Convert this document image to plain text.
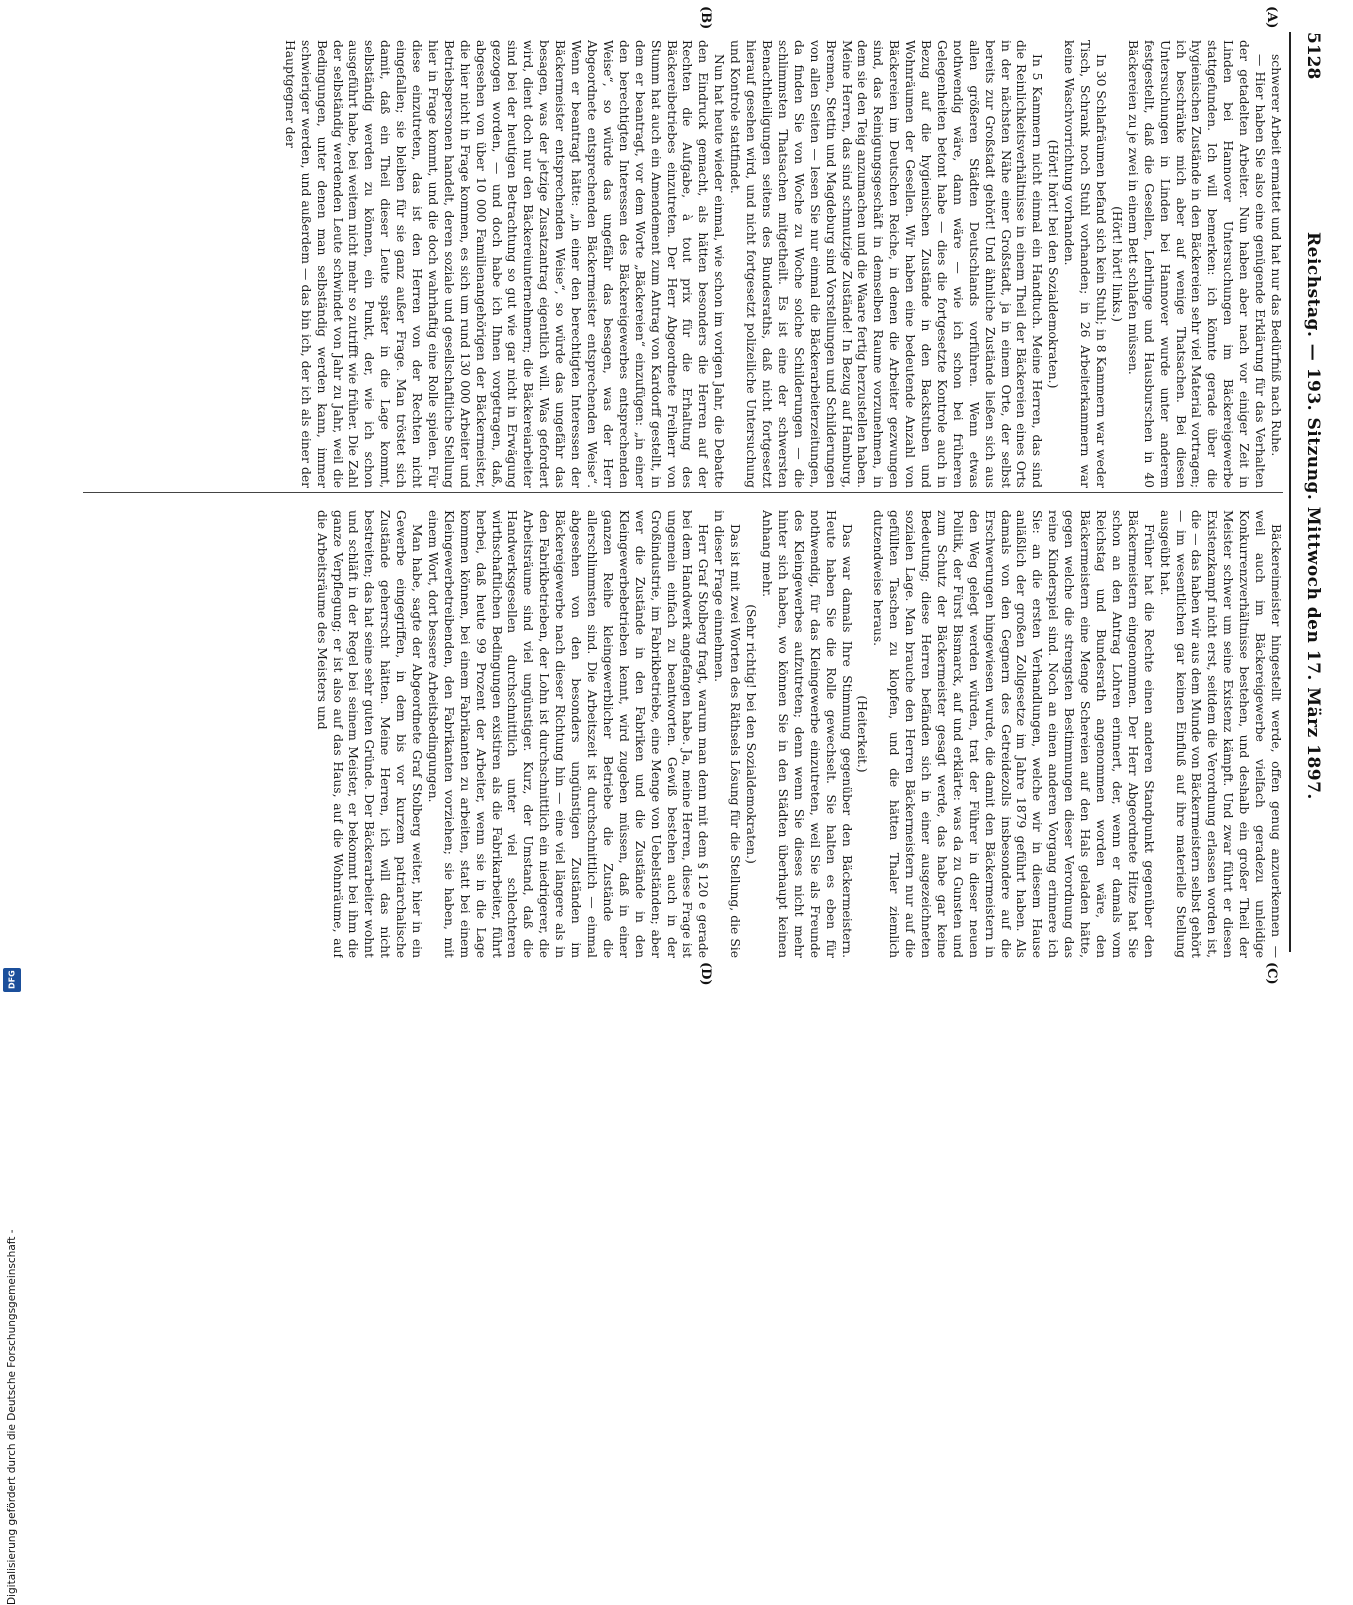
5128
Reichstag. — 193. Sitzung. Mittwoch den 17. März 1897.
(A)
(B)
(C)
(D)

schwerer Arbeit ermattet und hat nur das Bedürfniß nach Ruhe.

— Hier haben Sie also eine genügende Erklärung für das Verhalten der getadelten Arbeiter. Nun haben aber nach vor einiger Zeit in Linden bei Hannover Untersuchungen im Bäckereigewerbe stattgefunden. Ich will bemerken: ich könnte gerade über die hygienischen Zustände in den Bäckereien sehr viel Material vortragen; ich beschränke mich aber auf wenige Thatsachen. Bei diesen Untersuchungen in Linden bei Hannover wurde unter anderem festgestellt, daß die Gesellen, Lehrlinge und Hausburschen in 40 Bäckereien zu je zwei in einem Bett schlafen müssen.

(Hört! hört! links.)

In 30 Schlafräumen befand sich kein Stuhl; in 8 Kammern war weder Tisch, Schrank noch Stuhl vorhanden; in 26 Arbeiterkammern war keine Waschvorrichtung vorhanden.

(Hört! hört! bei den Sozialdemokraten.)

In 5 Kammern nicht einmal ein Handtuch. Meine Herren, das sind die Reinlichkeitsverhältnisse in einem Theil der Bäckereien eines Orts in der nächsten Nähe einer Großstadt, ja in einem Orte, der selbst bereits zur Großstadt gehört! Und ähnliche Zustände ließen sich aus allen größeren Städten Deutschlands vorführen. Wenn etwas nothwendig wäre, dann wäre — wie ich schon bei früheren Gelegenheiten betont habe — dies die fortgesetzte Kontrole auch in Bezug auf die hygienischen Zustände in den Backstuben und Wohnräumen der Gesellen. Wir haben eine bedeutende Anzahl von Bäckereien im Deutschen Reiche, in denen die Arbeiter gezwungen sind, das Reinigungsgeschäft in demselben Raume vorzunehmen, in dem sie den Teig anzumachen und die Waare fertig herzustellen haben. Meine Herren, das sind schmutzige Zustände! In Bezug auf Hamburg, Bremen, Stettin und Magdeburg sind Vorstellungen und Schilderungen von allen Seiten — lesen Sie nur einmal die Bäckerarbeiterzeitungen, da finden Sie von Woche zu Woche solche Schilderungen — die schlimmsten Thatsachen mitgetheilt. Es ist eine der schwersten Benachtheiligungen seitens des Bundesraths, daß nicht fortgesetzt hierauf gesehen wird, und nicht fortgesetzt polizeiliche Untersuchung und Kontrole stattfindet.

Nun hat heute wieder einmal, wie schon im vorigen Jahr, die Debatte den Eindruck gemacht, als hätten besonders die Herren auf der Rechten die Aufgabe, à tout prix für die Erhaltung des Bäckereibetriebes einzutreten. Der Herr Abgeordnete Freiherr von Stumm hat auch ein Amendement zum Antrag von Kardorff gestellt, in dem er beantragt, vor dem Worte „Bäckereien“ einzufügen: „in einer den berechtigten Interessen des Bäckereigewerbes entsprechenden Weise“, so würde das ungefähr das besagen, was der Herr Abgeordnete entsprechenden Bäckermeister entsprechenden Weise“. Wenn er beantragt hätte: „in einer den berechtigten Interessen der Bäckermeister entsprechenden Weise“, so würde das ungefähr das besagen, was der jetzige Zusatzantrag eigentlich will. Was gefordert wird, dient doch nur den Bäckereiunternehmern; die Bäckereiarbeiter sind bei der heutigen Betrachtung so gut wie gar nicht in Erwägung gezogen worden, — und doch habe ich Ihnen vorgetragen, daß, abgesehen von über 10 000 Familienangehörigen der Bäckermeister, die hier nicht in Frage kommen, es sich um rund 130 000 Arbeiter und Betriebspersonen handelt, deren soziale und gesellschaftliche Stellung hier in Frage kommt, und die doch wahrhaftig eine Rolle spielen. Für diese einzutreten, das ist den Herren von der Rechten nicht eingefallen; sie bleiben für sie ganz außer Frage. Man tröstet sich damit, daß ein Theil dieser Leute später in die Lage kommt, selbständig werden zu können, ein Punkt, der, wie ich schon ausgeführt habe, bei weitem nicht mehr so zutrifft wie früher. Die Zahl der selbständig werdenden Leute schwindet von Jahr zu Jahr, weil die Bedingungen, unter denen man selbständig werden kann, immer schwieriger werden, und außerdem — das bin ich, der ich als einer der Hauptgegner der

Bäckereimeister hingestellt werde, offen genug anzuerkennen — weil auch im Bäckereigewerbe vielfach geradezu unleidige Konkurrenzverhältnisse bestehen, und deshalb ein großer Theil der Meister schwer um seine Existenz kämpft. Und zwar führt er diesen Existenzkampf nicht erst, seitdem die Verordnung erlassen worden ist, die — das haben wir aus dem Munde von Bäckermeistern selbst gehört — im wesentlichen gar keinen Einfluß auf ihre materielle Stellung ausgeübt hat.

Früher hat die Rechte einen anderen Standpunkt gegenüber den Bäckermeistern eingenommen. Der Herr Abgeordnete Hitze hat Sie schon an den Antrag Lohren erinnert, der, wenn er damals vom Reichstag und Bundesrath angenommen worden wäre, den Bäckermeistern eine Menge Schereien auf den Hals geladen hätte, gegen welche die strengsten Bestimmungen dieser Verordnung das reine Kinderspiel sind. Noch an einen anderen Vorgang erinnere ich Sie: an die ersten Verhandlungen, welche wir in diesem Hause anläßlich der großen Zollgesetze im Jahre 1879 geführt haben. Als damals von den Gegnern des Getreidezolls insbesondere auf die Erschwerungen hingewiesen wurde, die damit den Bäckermeistern in den Weg gelegt werden würden, trat der Führer in dieser neuen Politik, der Fürst Bismarck, auf und erklärte: was da zu Gunsten und zum Schutz der Bäckermeister gesagt werde, das habe gar keine Bedeutung; diese Herren befänden sich in einer ausgezeichneten sozialen Lage. Man brauche den Herren Bäckermeistern nur auf die gefüllten Taschen zu klopfen, und die hätten Thaler ziemlich dutzendweise heraus.

(Heiterkeit.)

Das war damals Ihre Stimmung gegenüber den Bäckermeistern. Heute haben Sie die Rolle gewechselt. Sie halten es eben für nothwendig, für das Kleingewerbe einzutreten, weil Sie als Freunde des Kleingewerbes aufzutreten; denn wenn Sie dieses nicht mehr hinter sich haben, wo können Sie in den Städten überhaupt keinen Anhang mehr.

(Sehr richtig! bei den Sozialdemokraten.)

Das ist mit zwei Worten des Räthsels Lösung für die Stellung, die Sie in dieser Frage einnehmen.

Herr Graf Stolberg fragt, warum man denn mit dem § 120 e gerade bei dem Handwerk angefangen habe. Ja, meine Herren, diese Frage ist ungemein einfach zu beantworten. Gewiß bestehen auch in der Großindustrie, im Fabrikbetriebe, eine Menge von Uebelständen; aber wer die Zustände in den Fabriken und die Zustände in den Kleingewerbebetrieben kennt, wird zugeben müssen, daß in einer ganzen Reihe kleingewerblicher Betriebe die Zustände die allerschlimmsten sind. Die Arbeitszeit ist durchschnittlich — einmal abgesehen von den besonders ungünstigen Zuständen im Bäckereigewerbe nach dieser Richtung hin — eine viel längere als in den Fabrikbetrieben, der Lohn ist durchschnittlich ein niedrigerer, die Arbeitsräume sind viel ungünstiger. Kurz, der Umstand, daß die Handwerksgesellen durchschnittlich unter viel schlechteren wirthschaftlichen Bedingungen existiren als die Fabrikarbeiter, führt herbei, daß heute 99 Prozent der Arbeiter, wenn sie in die Lage kommen können, bei einem Fabrikanten zu arbeiten, statt bei einem Kleingewerbetreibenden, den Fabrikanten vorziehen; sie haben, mit einem Wort, dort bessere Arbeitsbedingungen.

Man habe, sagte der Abgeordnete Graf Stolberg weiter, hier in ein Gewerbe eingegriffen, in dem bis vor kurzem patriarchalische Zustände geherrscht hätten. Meine Herren, ich will das nicht bestreiten; das hat seine sehr guten Gründe. Der Bäckerarbeiter wohnt und schläft in der Regel bei seinem Meister, er bekommt bei ihm die ganze Verpflegung; er ist also auf das Haus, auf die Wohnräume, auf die Arbeitsräume des Meisters und

Digitalisierung gefördert durch die Deutsche Forschungsgemeinschaft -
DFG
